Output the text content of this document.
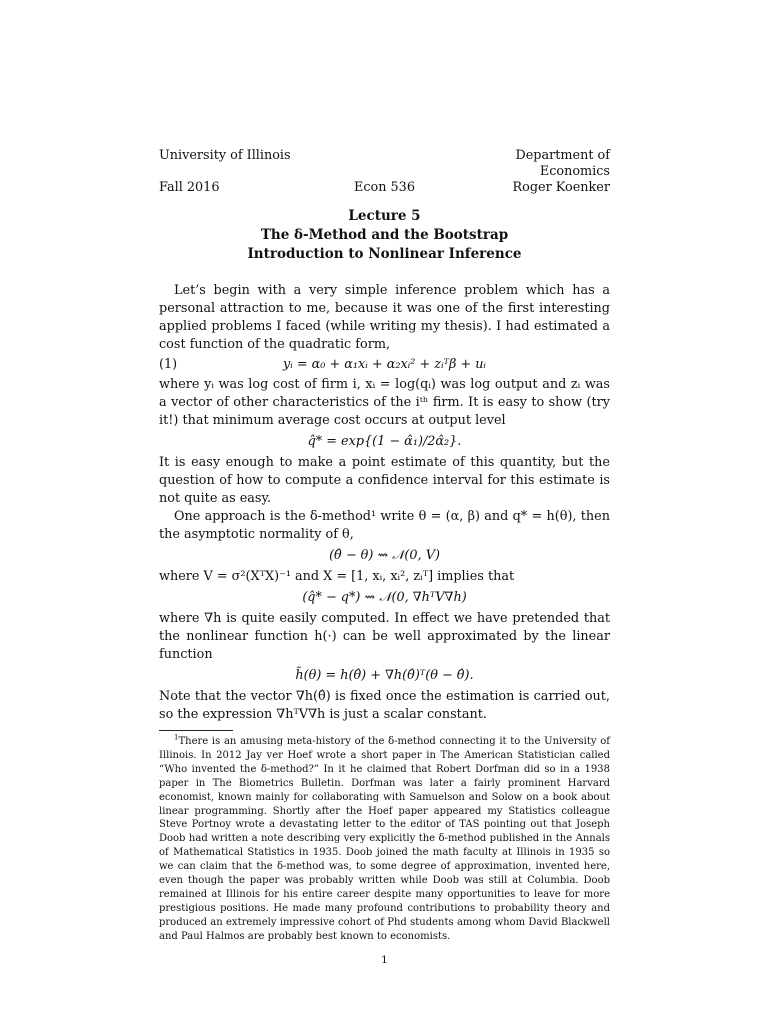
University of Illinois	Department of Economics
Fall 2016	Econ 536	Roger Koenker
Lecture 5
The δ-Method and the Bootstrap
Introduction to Nonlinear Inference

Let’s begin with a very simple inference problem which has a personal attraction to me, because it was one of the first interesting applied problems I faced (while writing my thesis). I had estimated a cost function of the quadratic form,

(1)	yᵢ = α₀ + α₁xᵢ + α₂xᵢ² + zᵢᵀβ + uᵢ

where yᵢ was log cost of firm i, xᵢ = log(qᵢ) was log output and zᵢ was a vector of other characteristics of the iᵗʰ firm. It is easy to show (try it!) that minimum average cost occurs at output level

q̂* = exp{(1 − α̂₁)/2α̂₂}.

It is easy enough to make a point estimate of this quantity, but the question of how to compute a confidence interval for this estimate is not quite as easy.

One approach is the δ-method¹ write θ = (α, β) and q* = h(θ), then the asymptotic normality of θ,

(θ̂ − θ) ⇝ 𝒩(0, V)

where V = σ²(XᵀX)⁻¹ and X = [1, xᵢ, xᵢ², zᵢᵀ] implies that

(q̂* − q*) ⇝ 𝒩(0, ∇hᵀV∇h)

where ∇h is quite easily computed. In effect we have pretended that the nonlinear function h(·) can be well approximated by the linear function

h̃(θ) = h(θ̂) + ∇h(θ̂)ᵀ(θ − θ̂).

Note that the vector ∇h(θ̂) is fixed once the estimation is carried out, so the expression ∇hᵀV∇h is just a scalar constant.

$^1$There is an amusing meta-history of the δ-method connecting it to the University of Illinois. In 2012 Jay ver Hoef wrote a short paper in The American Statistician called “Who invented the δ-method?” In it he claimed that Robert Dorfman did so in a 1938 paper in The Biometrics Bulletin. Dorfman was later a fairly prominent Harvard economist, known mainly for collaborating with Samuelson and Solow on a book about linear programming. Shortly after the Hoef paper appeared my Statistics colleague Steve Portnoy wrote a devastating letter to the editor of TAS pointing out that Joseph Doob had written a note describing very explicitly the δ-method published in the Annals of Mathematical Statistics in 1935. Doob joined the math faculty at Illinois in 1935 so we can claim that the δ-method was, to some degree of approximation, invented here, even though the paper was probably written while Doob was still at Columbia. Doob remained at Illinois for his entire career despite many opportunities to leave for more prestigious positions. He made many profound contributions to probability theory and produced an extremely impressive cohort of Phd students among whom David Blackwell and Paul Halmos are probably best known to economists.

1
